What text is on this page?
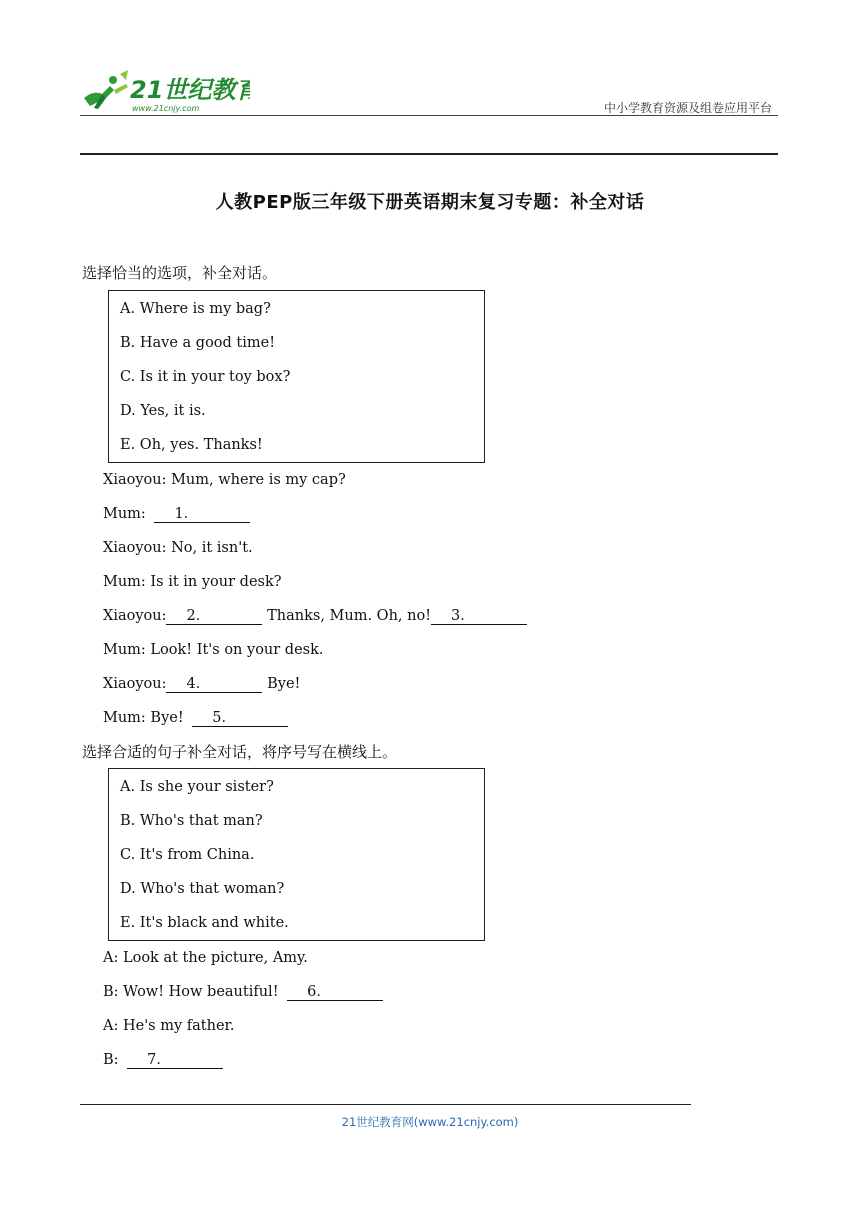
21世纪教育
www.21cnjy.com	中小学教育资源及组卷应用平台
人教PEP版三年级下册英语期末复习专题：补全对话
选择恰当的选项，补全对话。
A. Where is my bag?
B. Have a good time!
C. Is it in your toy box?
D. Yes, it is.
E. Oh, yes. Thanks!
Xiaoyou: Mum, where is my cap?
Mum: 1．
Xiaoyou: No, it isn't.
Mum: Is it in your desk?
Xiaoyou: 2．	Thanks, Mum. Oh, no! 3．
Mum: Look! It's on your desk.
Xiaoyou: 4．	Bye!
Mum: Bye! 5．
选择合适的句子补全对话，将序号写在横线上。
A. Is she your sister?
B. Who's that man?
C. It's from China.
D. Who's that woman?
E. It's black and white.
A: Look at the picture, Amy.
B: Wow! How beautiful! 6．
A: He's my father.
B: 7．
21世纪教育网(www.21cnjy.com)
